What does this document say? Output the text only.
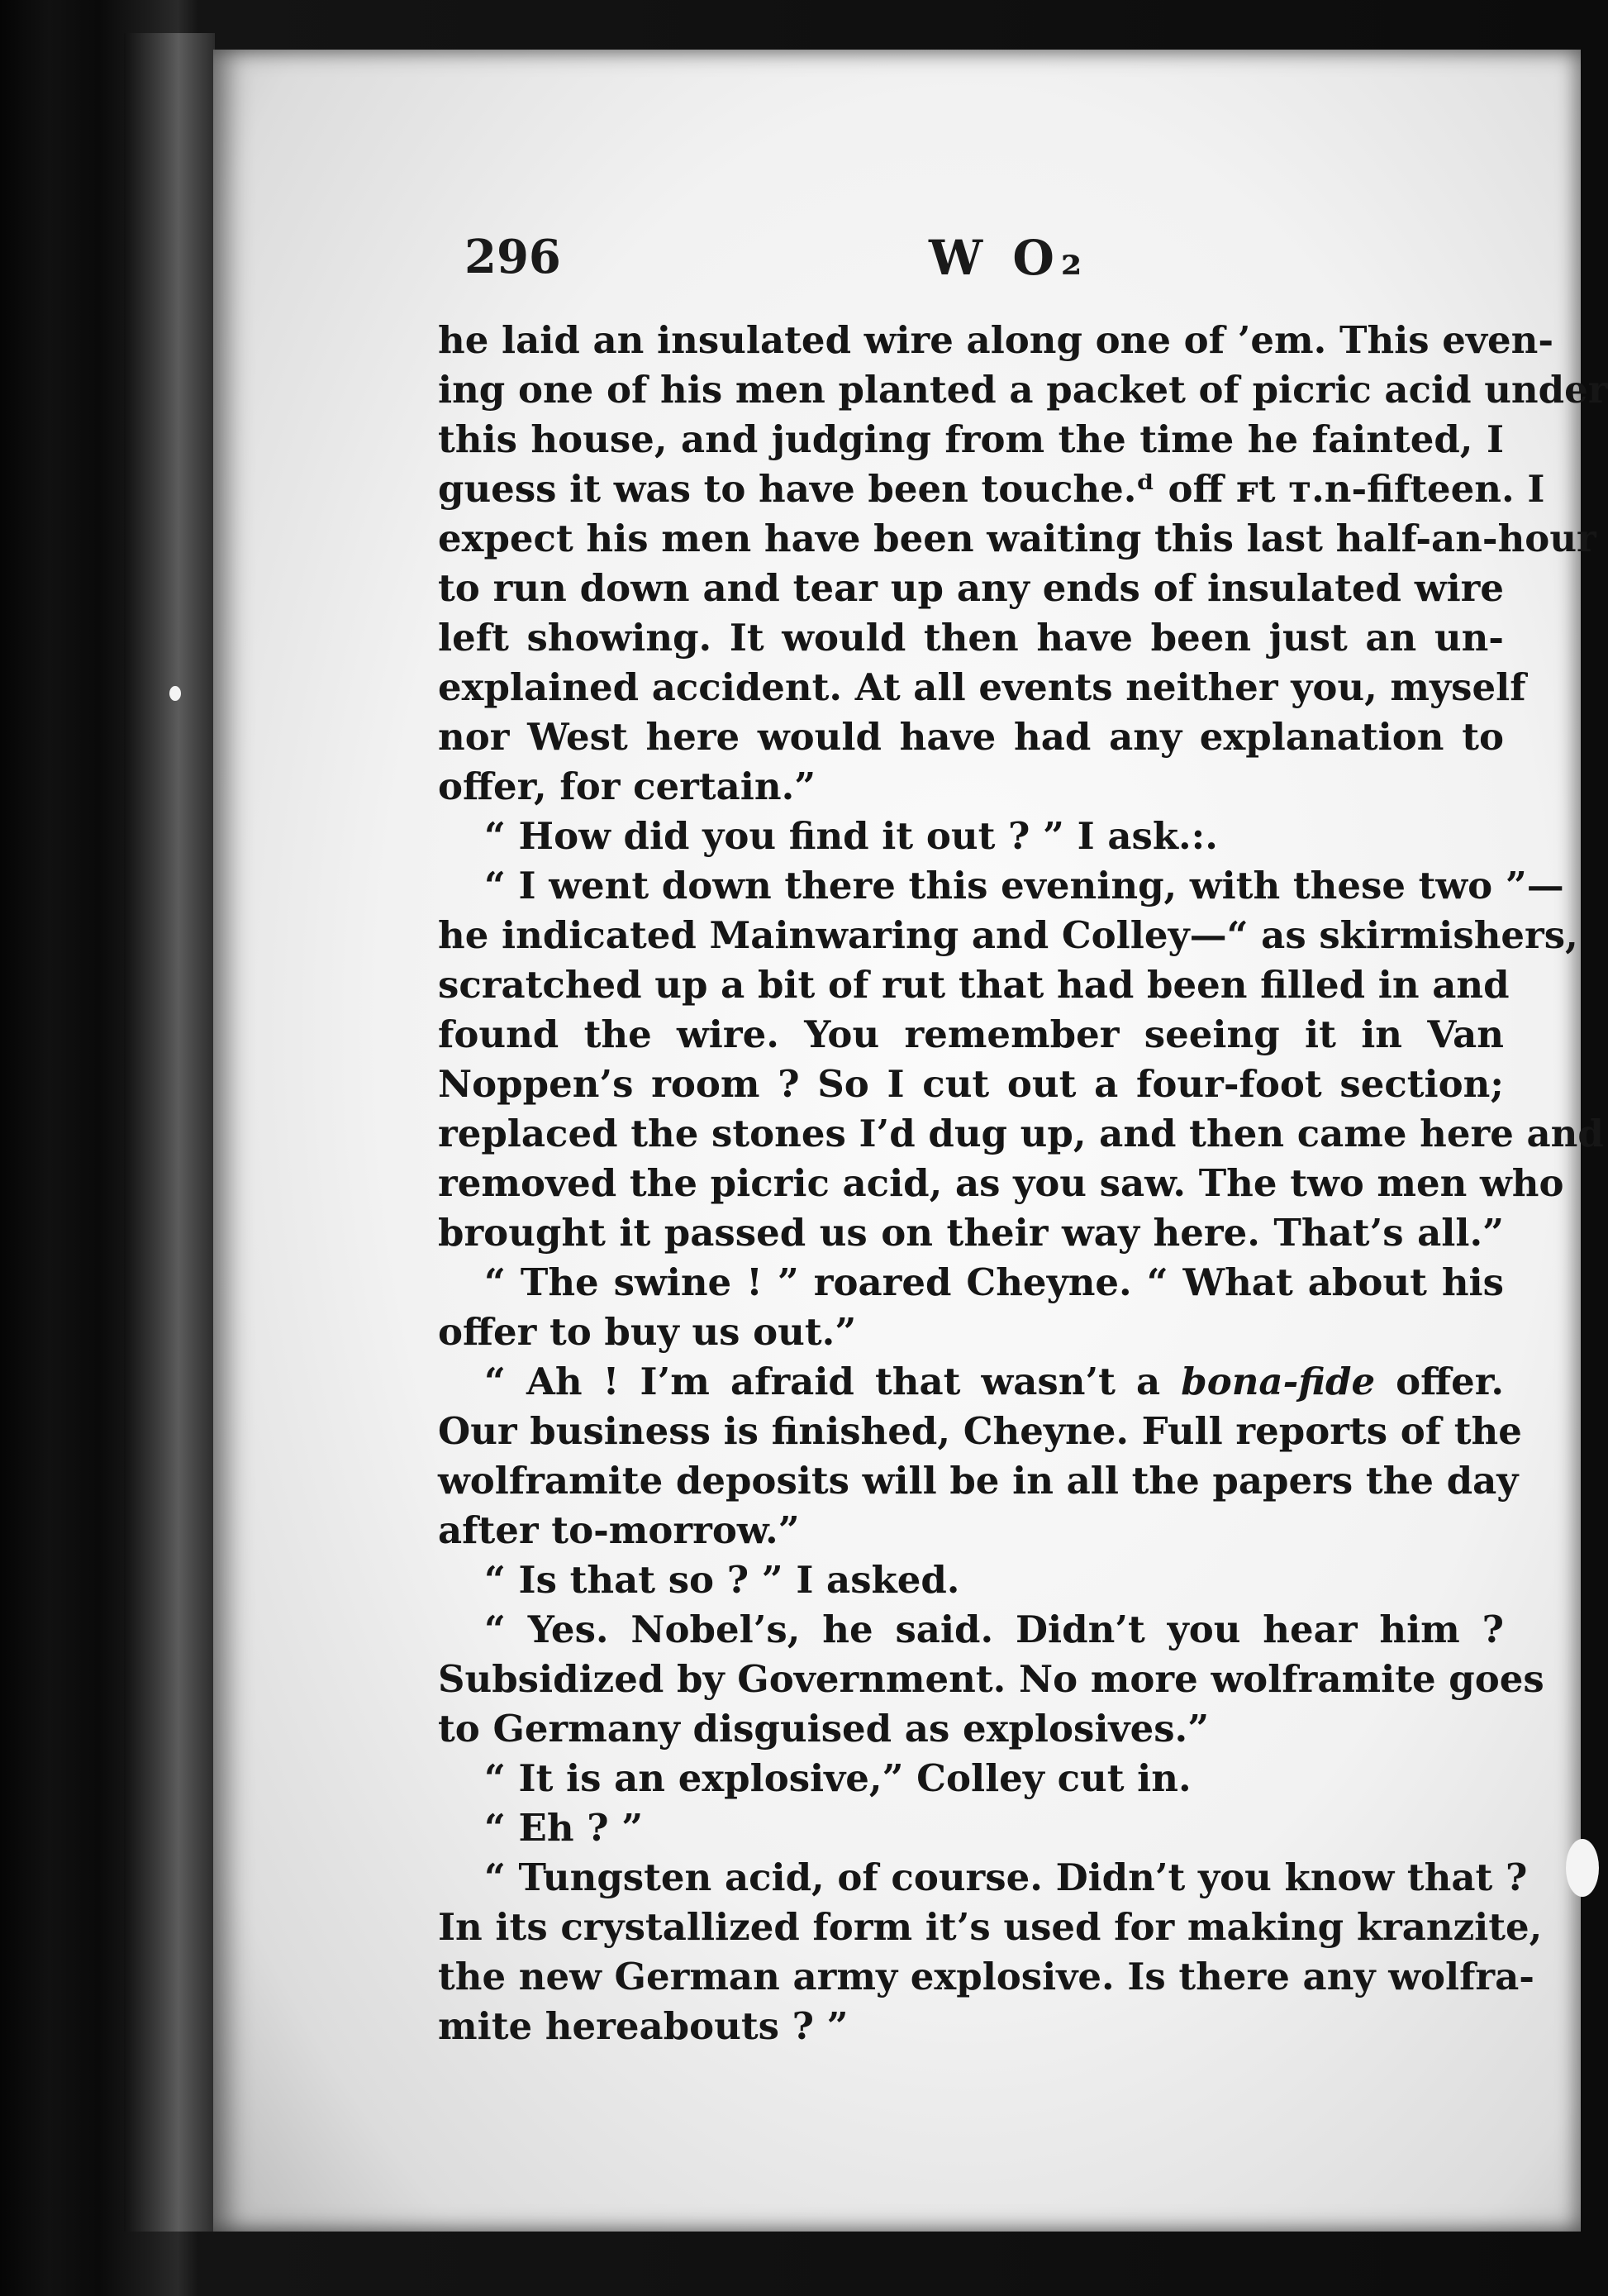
296	W O₂
he laid an insulated wire along one of ’em. This even-
ing one of his men planted a packet of picric acid under
this house, and judging from the time he fainted, I
guess it was to have been touche.ᵈ off ꜰt ᴛ.n-fifteen. I
expect his men have been waiting this last half-an-hour
to run down and tear up any ends of insulated wire
left showing. It would then have been just an un-
explained accident. At all events neither you, myself
nor West here would have had any explanation to
offer, for certain.”
“ How did you find it out ? ” I ask.:.
“ I went down there this evening, with these two ”—
he indicated Mainwaring and Colley—“ as skirmishers,
scratched up a bit of rut that had been filled in and
found the wire. You remember seeing it in Van
Noppen’s room ? So I cut out a four-foot section;
replaced the stones I’d dug up, and then came here and
removed the picric acid, as you saw. The two men who
brought it passed us on their way here. That’s all.”
“ The swine ! ” roared Cheyne. “ What about his
offer to buy us out.”
“ Ah ! I’m afraid that wasn’t a bona-fide offer.
Our business is finished, Cheyne. Full reports of the
wolframite deposits will be in all the papers the day
after to-morrow.”
“ Is that so ? ” I asked.
“ Yes. Nobel’s, he said. Didn’t you hear him ?
Subsidized by Government. No more wolframite goes
to Germany disguised as explosives.”
“ It is an explosive,” Colley cut in.
“ Eh ? ”
“ Tungsten acid, of course. Didn’t you know that ?
In its crystallized form it’s used for making kranzite,
the new German army explosive. Is there any wolfra-
mite hereabouts ? ”
